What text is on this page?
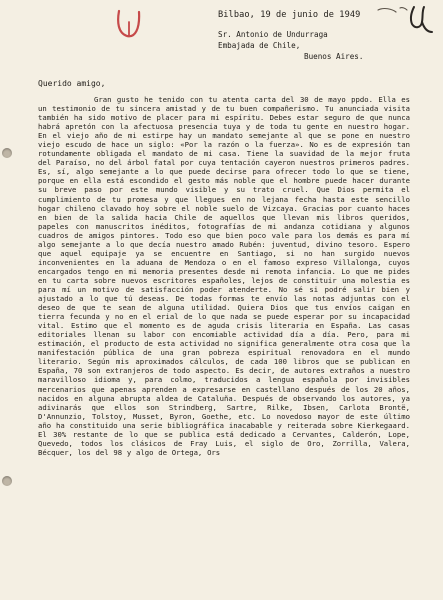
Bilbao, 19 de junio de 1949
Sr. Antonio de Undurraga
Embajada de Chile,
Buenos Aires.
Querido amigo,

Gran gusto he tenido con tu atenta carta del 30 de mayo ppdo. Ella es un testimonio de tu sincera amistad y de tu buen compañerismo. Tu anunciada visita también ha sido motivo de placer para mi espíritu. Debes estar seguro de que nunca habrá apretón con la afectuosa presencia tuya y de toda tu gente en nuestro hogar. En el viejo año de mi estirpe hay un mandato semejante al que se pone en nuestro viejo escudo de hace un siglo: «Por la razón o la fuerza». No es de expresión tan rotundamente obligada el mandato de mi casa. Tiene la suavidad de la mejor fruta del Paraíso, no del árbol fatal por cuya tentación cayeron nuestros primeros padres. Es, sí, algo semejante a lo que puede decirse para ofrecer todo lo que se tiene, porque en ella está escondido el gesto más noble que el hombre puede hacer durante su breve paso por este mundo visible y su trato cruel. Que Dios permita el cumplimiento de tu promesa y que llegues en no lejana fecha hasta este sencillo hogar chileno clavado hoy sobre el noble suelo de Vizcaya. Gracias por cuanto haces en bien de la salida hacia Chile de aquellos que llevan mis libros queridos, papeles con manuscritos inéditos, fotografías de mi andanza cotidiana y algunos cuadros de amigos pintores. Todo eso que bien poco vale para los demás es para mí algo semejante a lo que decía nuestro amado Rubén: juventud, divino tesoro. Espero que aquel equipaje ya se encuentre en Santiago, si no han surgido nuevos inconvenientes en la aduana de Mendoza o en el famoso expreso Villalonga, cuyos encargados tengo en mi memoria presentes desde mi remota infancia. Lo que me pides en tu carta sobre nuevos escritores españoles, lejos de constituir una molestia es para mí un motivo de satisfacción poder atenderte. No sé si podré salir bien y ajustado a lo que tú deseas. De todas formas te envío las notas adjuntas con el deseo de que te sean de alguna utilidad. Quiera Dios que tus envíos caigan en tierra fecunda y no en el erial de lo que nada se puede esperar por su incapacidad vital. Estimo que el momento es de aguda crisis literaria en España. Las casas editoriales llenan su labor con encomiable actividad día a día. Pero, para mi estimación, el producto de esta actividad no significa generalmente otra cosa que la manifestación pública de una gran pobreza espiritual renovadora en el mundo literario. Según mis aproximados cálculos, de cada 100 libros que se publican en España, 70 son extranjeros de todo aspecto. Es decir, de autores extraños a nuestro maravilloso idioma y, para colmo, traducidos a lengua española por invisibles mercenarios que apenas aprenden a expresarse en castellano después de los 20 años, nacidos en alguna abrupta aldea de Cataluña. Después de observando los autores, ya adivinarás que ellos son Strindberg, Sartre, Rilke, Ibsen, Carlota Brontë, D'Annunzio, Tolstoy, Musset, Byron, Goethe, etc. Lo novedoso mayor de este último año ha constituido una serie bibliográfica inacabable y reiterada sobre Kierkegaard. El 30% restante de lo que se publica está dedicado a Cervantes, Calderón, Lope, Quevedo, todos los clásicos de Fray Luis, el siglo de Oro, Zorrilla, Valera, Bécquer, los del 98 y algo de Ortega, Ors
